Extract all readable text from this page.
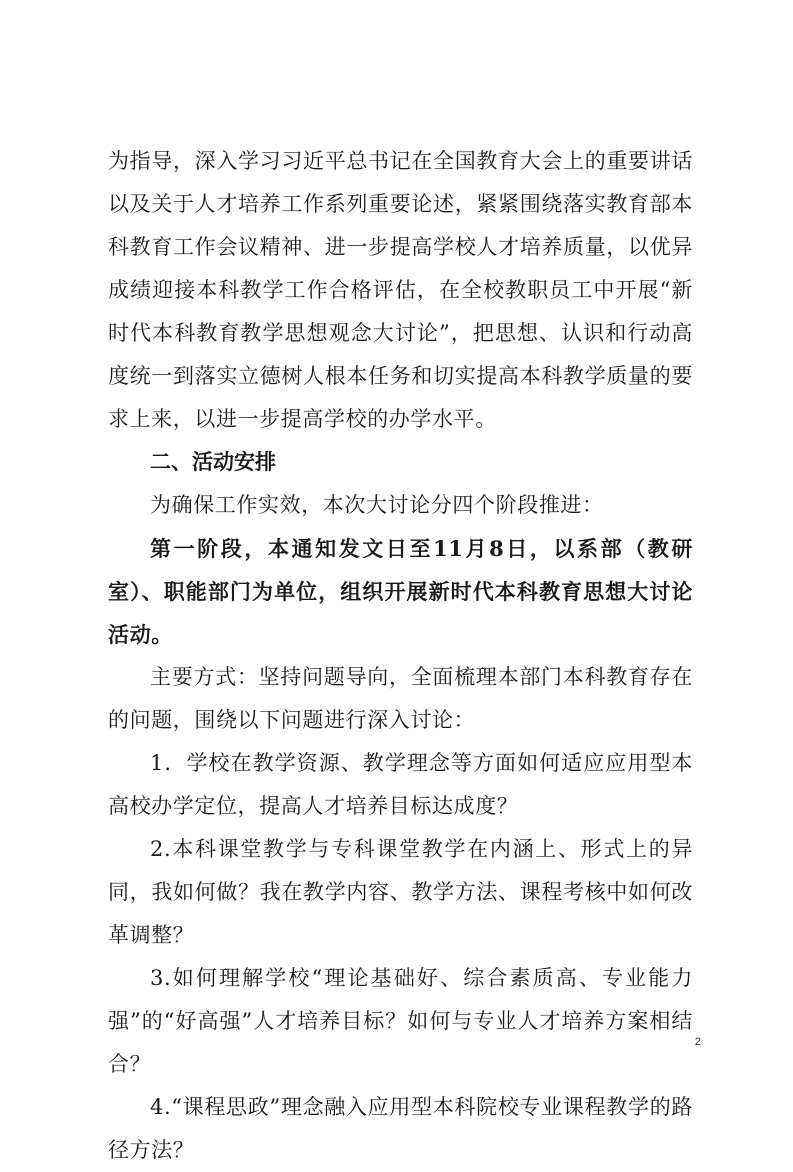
为指导，深入学习习近平总书记在全国教育大会上的重要讲话以及关于人才培养工作系列重要论述，紧紧围绕落实教育部本科教育工作会议精神、进一步提高学校人才培养质量，以优异成绩迎接本科教学工作合格评估，在全校教职员工中开展“新时代本科教育教学思想观念大讨论”，把思想、认识和行动高度统一到落实立德树人根本任务和切实提高本科教学质量的要求上来，以进一步提高学校的办学水平。

二、活动安排

为确保工作实效，本次大讨论分四个阶段推进：

第一阶段，本通知发文日至11月8日，以系部（教研室）、职能部门为单位，组织开展新时代本科教育思想大讨论活动。

主要方式：坚持问题导向，全面梳理本部门本科教育存在的问题，围绕以下问题进行深入讨论：

1．学校在教学资源、教学理念等方面如何适应应用型本高校办学定位，提高人才培养目标达成度？

2.本科课堂教学与专科课堂教学在内涵上、形式上的异同，我如何做？我在教学内容、教学方法、课程考核中如何改革调整？

3.如何理解学校“理论基础好、综合素质高、专业能力强”的“好高强”人才培养目标？如何与专业人才培养方案相结合？

4.“课程思政”理念融入应用型本科院校专业课程教学的路径方法？

2
